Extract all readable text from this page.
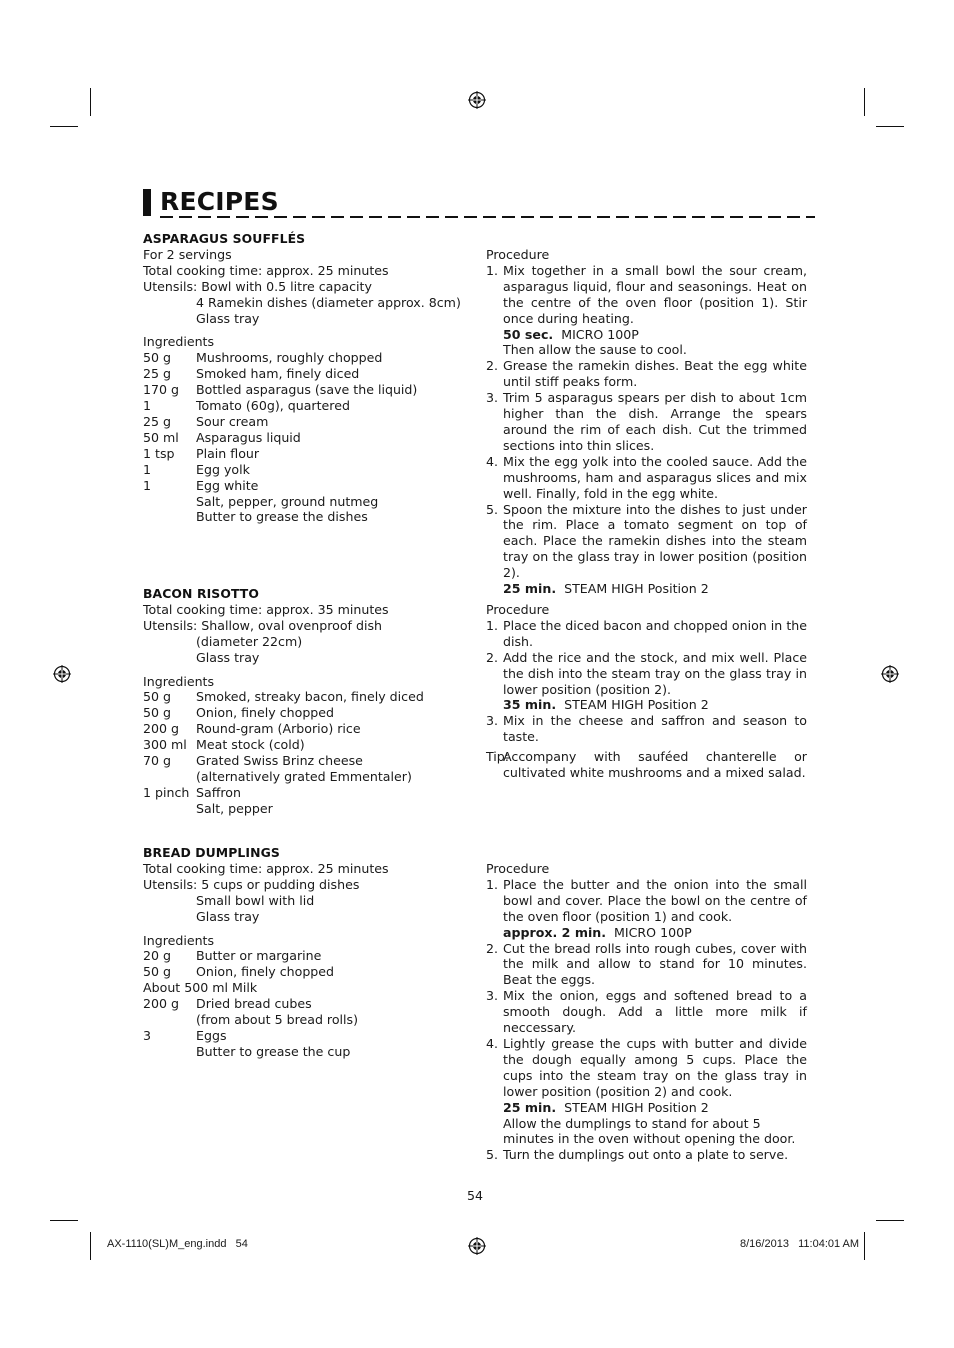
RECIPES
ASPARAGUS SOUFFLÉS
For 2 servings
Total cooking time: approx. 25 minutes
Utensils: Bowl with 0.5 litre capacity
4 Ramekin dishes (diameter approx. 8cm)
Glass tray
Ingredients
50 g	Mushrooms, roughly chopped
25 g	Smoked ham, finely diced
170 g	Bottled asparagus (save the liquid)
1	Tomato (60g), quartered
25 g	Sour cream
50 ml	Asparagus liquid
1 tsp	Plain flour
1	Egg yolk
1	Egg white
Salt, pepper, ground nutmeg
Butter to grease the dishes
Procedure
1. Mix together in a small bowl the sour cream, asparagus liquid, flour and seasonings. Heat on the centre of the oven floor (position 1). Stir once during heating.
50 sec. MICRO 100P
Then allow the sause to cool.
2. Grease the ramekin dishes. Beat the egg white until stiff peaks form.
3. Trim 5 asparagus spears per dish to about 1cm higher than the dish. Arrange the spears around the rim of each dish. Cut the trimmed sections into thin slices.
4. Mix the egg yolk into the cooled sauce. Add the mushrooms, ham and asparagus slices and mix well. Finally, fold in the egg white.
5. Spoon the mixture into the dishes to just under the rim. Place a tomato segment on top of each. Place the ramekin dishes into the steam tray on the glass tray in lower position (position 2).
25 min. STEAM HIGH Position 2
BACON RISOTTO
Total cooking time: approx. 35 minutes
Utensils: Shallow, oval ovenproof dish
(diameter 22cm)
Glass tray
Ingredients
50 g	Smoked, streaky bacon, finely diced
50 g	Onion, finely chopped
200 g	Round-gram (Arborio) rice
300 ml Meat stock (cold)
70 g	Grated Swiss Brinz cheese
(alternatively grated Emmentaler)
1 pinch Saffron
Salt, pepper
Procedure
1. Place the diced bacon and chopped onion in the dish.
2. Add the rice and the stock, and mix well. Place the dish into the steam tray on the glass tray in lower position (position 2).
35 min. STEAM HIGH Position 2
3. Mix in the cheese and saffron and season to taste.
Tip:
Accompany with sauféed chanterelle or cultivated white mushrooms and a mixed salad.
BREAD DUMPLINGS
Total cooking time: approx. 25 minutes
Utensils: 5 cups or pudding dishes
Small bowl with lid
Glass tray
Ingredients
20 g	Butter or margarine
50 g	Onion, finely chopped
About 500 ml Milk
200 g	Dried bread cubes
(from about 5 bread rolls)
3	Eggs
Butter to grease the cup
Procedure
1. Place the butter and the onion into the small bowl and cover. Place the bowl on the centre of the oven floor (position 1) and cook.
approx. 2 min. MICRO 100P
2. Cut the bread rolls into rough cubes, cover with the milk and allow to stand for 10 minutes. Beat the eggs.
3. Mix the onion, eggs and softened bread to a smooth dough. Add a little more milk if neccessary.
4. Lightly grease the cups with butter and divide the dough equally among 5 cups. Place the cups into the steam tray on the glass tray in lower position (position 2) and cook.
25 min. STEAM HIGH Position 2
Allow the dumplings to stand for about 5 minutes in the oven without opening the door.
5. Turn the dumplings out onto a plate to serve.
54
AX-1110(SL)M_eng.indd   54	8/16/2013   11:04:01 AM
